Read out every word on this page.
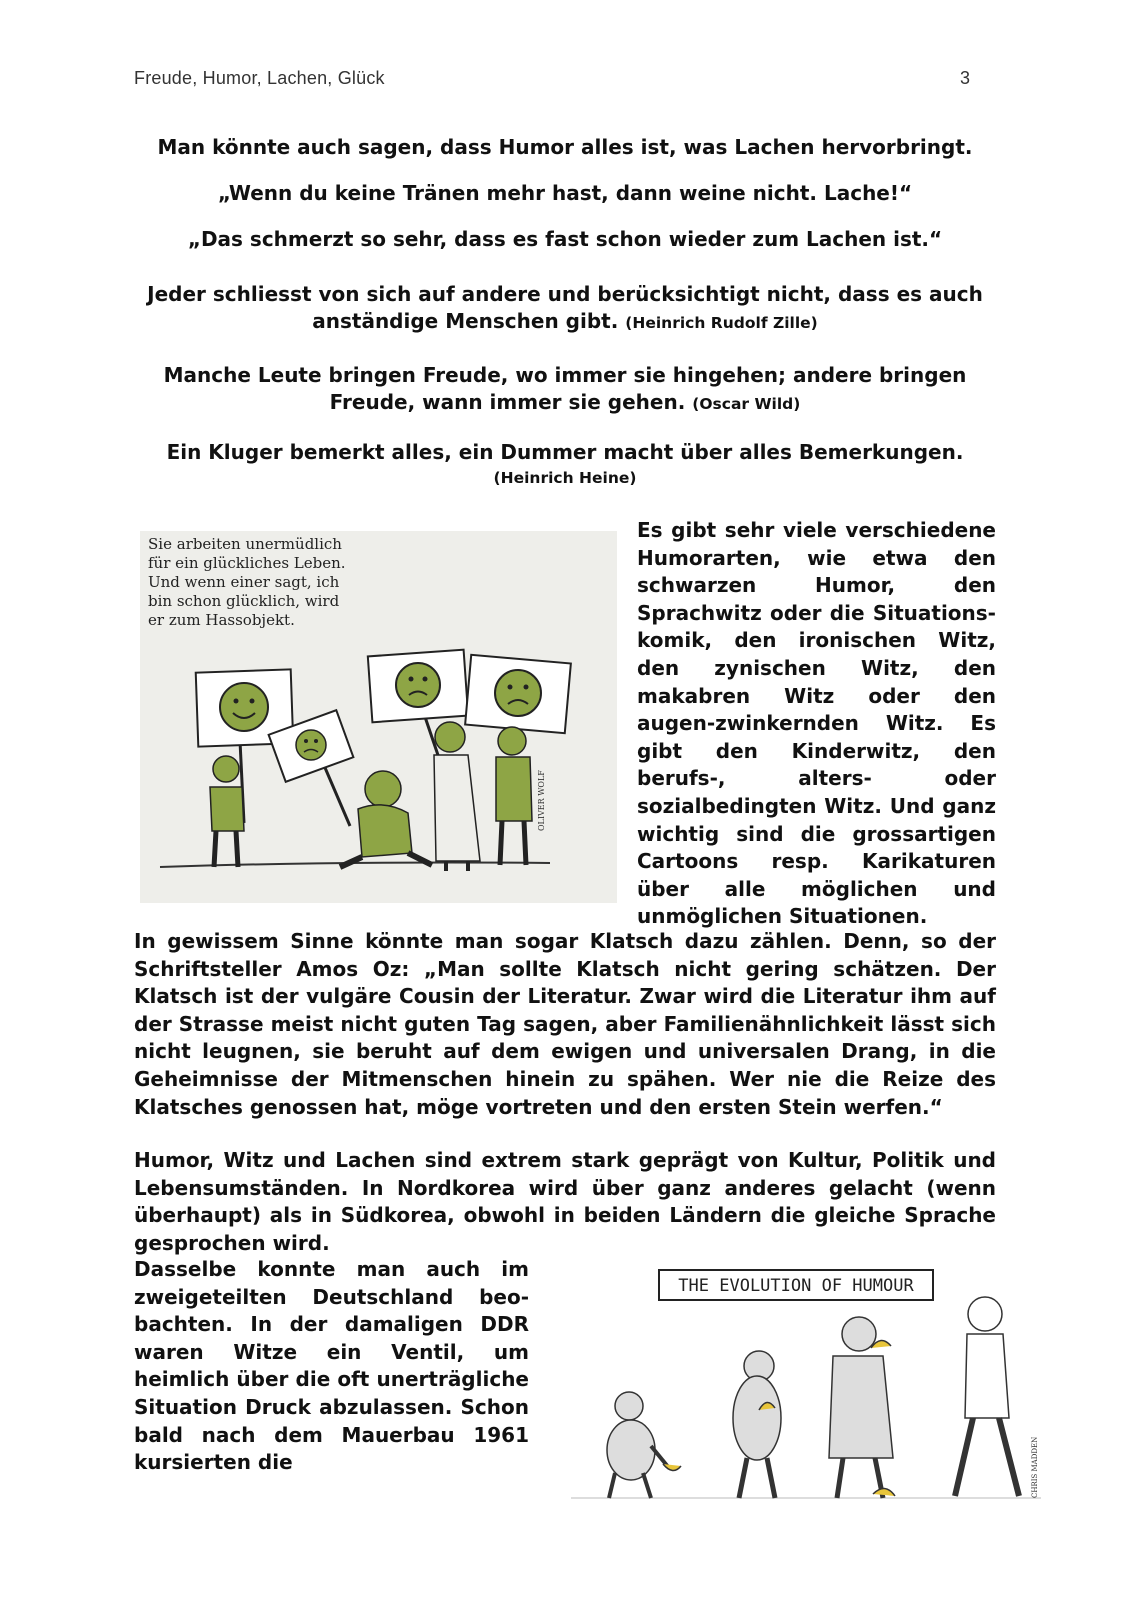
Freude, Humor, Lachen, Glück	3
Man könnte auch sagen, dass Humor alles ist, was Lachen hervorbringt.
„Wenn du keine Tränen mehr hast, dann weine nicht. Lache!“
„Das schmerzt so sehr, dass es fast schon wieder zum Lachen ist.“
Jeder schliesst von sich auf andere und berücksichtigt nicht, dass es auch
anständige Menschen gibt. (Heinrich Rudolf Zille)
Manche Leute bringen Freude, wo immer sie hingehen; andere bringen
Freude, wann immer sie gehen. (Oscar Wild)
Ein Kluger bemerkt alles, ein Dummer macht über alles Bemerkungen.
(Heinrich Heine)
Sie arbeiten unermüdlich
für ein glückliches Leben.
Und wenn einer sagt, ich
bin schon glücklich, wird
er zum Hassobjekt.
OLIVER WOLF
Es gibt sehr viele verschiedene Humorarten, wie etwa den schwarzen Humor, den Sprachwitz oder die Situations-komik, den ironischen Witz, den zynischen Witz, den makabren Witz oder den augen-zwinkernden Witz. Es gibt den Kinderwitz, den berufs-, alters- oder sozialbedingten Witz. Und ganz wichtig sind die grossartigen Cartoons resp. Karikaturen über alle möglichen und unmöglichen Situationen.
In gewissem Sinne könnte man sogar Klatsch dazu zählen. Denn, so der Schriftsteller Amos Oz: „Man sollte Klatsch nicht gering schätzen. Der Klatsch ist der vulgäre Cousin der Literatur. Zwar wird die Literatur ihm auf der Strasse meist nicht guten Tag sagen, aber Familienähnlichkeit lässt sich nicht leugnen, sie beruht auf dem ewigen und universalen Drang, in die Geheimnisse der Mitmenschen hinein zu spähen. Wer nie die Reize des Klatsches genossen hat, möge vortreten und den ersten Stein werfen.“
Humor, Witz und Lachen sind extrem stark geprägt von Kultur, Politik und Lebensumständen. In Nordkorea wird über ganz anderes gelacht (wenn überhaupt) als in Südkorea, obwohl in beiden Ländern die gleiche Sprache gesprochen wird.
Dasselbe konnte man auch im zweigeteilten Deutschland beo-bachten. In der damaligen DDR waren Witze ein Ventil, um heimlich über die oft unerträgliche Situation Druck abzulassen. Schon bald nach dem Mauerbau 1961 kursierten die
THE EVOLUTION OF HUMOUR
CHRIS MADDEN
